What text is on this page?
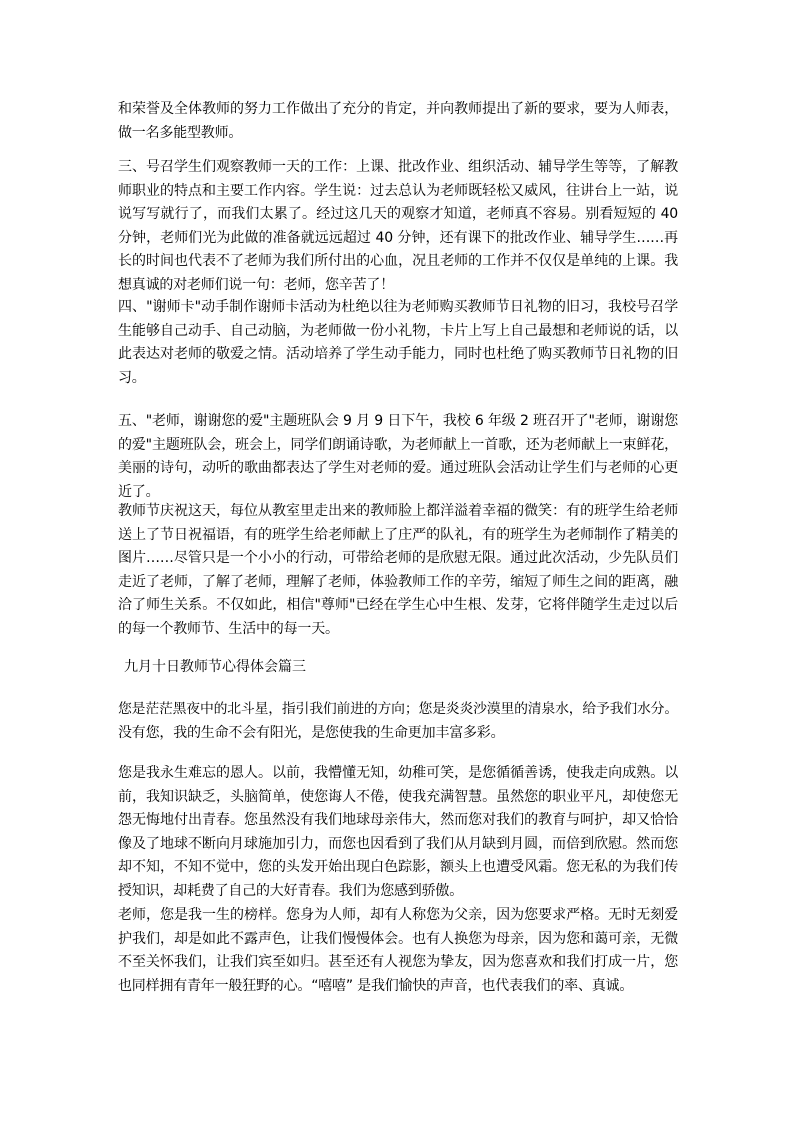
和荣誉及全体教师的努力工作做出了充分的肯定，并向教师提出了新的要求，要为人师表，
做一名多能型教师。
三、号召学生们观察教师一天的工作：上课、批改作业、组织活动、辅导学生等等，了解教
师职业的特点和主要工作内容。学生说：过去总认为老师既轻松又威风，往讲台上一站，说
说写写就行了，而我们太累了。经过这几天的观察才知道，老师真不容易。别看短短的 40
分钟，老师们光为此做的准备就远远超过 40 分钟，还有课下的批改作业、辅导学生……再
长的时间也代表不了老师为我们所付出的心血，况且老师的工作并不仅仅是单纯的上课。我
想真诚的对老师们说一句：老师，您辛苦了！
四、"谢师卡"动手制作谢师卡活动为杜绝以往为老师购买教师节日礼物的旧习，我校号召学
生能够自己动手、自己动脑，为老师做一份小礼物，卡片上写上自己最想和老师说的话，以
此表达对老师的敬爱之情。活动培养了学生动手能力，同时也杜绝了购买教师节日礼物的旧
习。
五、"老师，谢谢您的爱"主题班队会 9 月 9 日下午，我校 6 年级 2 班召开了"老师，谢谢您
的爱"主题班队会，班会上，同学们朗诵诗歌，为老师献上一首歌，还为老师献上一束鲜花，
美丽的诗句，动听的歌曲都表达了学生对老师的爱。通过班队会活动让学生们与老师的心更
近了。
教师节庆祝这天，每位从教室里走出来的教师脸上都洋溢着幸福的微笑：有的班学生给老师
送上了节日祝福语，有的班学生给老师献上了庄严的队礼，有的班学生为老师制作了精美的
图片……尽管只是一个小小的行动，可带给老师的是欣慰无限。通过此次活动，少先队员们
走近了老师，了解了老师，理解了老师，体验教师工作的辛劳，缩短了师生之间的距离，融
洽了师生关系。不仅如此，相信"尊师"已经在学生心中生根、发芽，它将伴随学生走过以后
的每一个教师节、生活中的每一天。
九月十日教师节心得体会篇三
您是茫茫黑夜中的北斗星，指引我们前进的方向；您是炎炎沙漠里的清泉水，给予我们水分。
没有您，我的生命不会有阳光，是您使我的生命更加丰富多彩。
您是我永生难忘的恩人。以前，我懵懂无知，幼稚可笑，是您循循善诱，使我走向成熟。以
前，我知识缺乏，头脑简单，使您诲人不倦，使我充满智慧。虽然您的职业平凡，却使您无
怨无悔地付出青春。您虽然没有我们地球母亲伟大，然而您对我们的教育与呵护，却又恰恰
像及了地球不断向月球施加引力，而您也因看到了我们从月缺到月圆，而倍到欣慰。然而您
却不知，不知不觉中，您的头发开始出现白色踪影，额头上也遭受风霜。您无私的为我们传
授知识，却耗费了自己的大好青春。我们为您感到骄傲。
老师，您是我一生的榜样。您身为人师，却有人称您为父亲，因为您要求严格。无时无刻爱
护我们，却是如此不露声色，让我们慢慢体会。也有人换您为母亲，因为您和蔼可亲，无微
不至关怀我们，让我们宾至如归。甚至还有人视您为挚友，因为您喜欢和我们打成一片，您
也同样拥有青年一般狂野的心。“嘻嘻” 是我们愉快的声音，也代表我们的率、真诚。
